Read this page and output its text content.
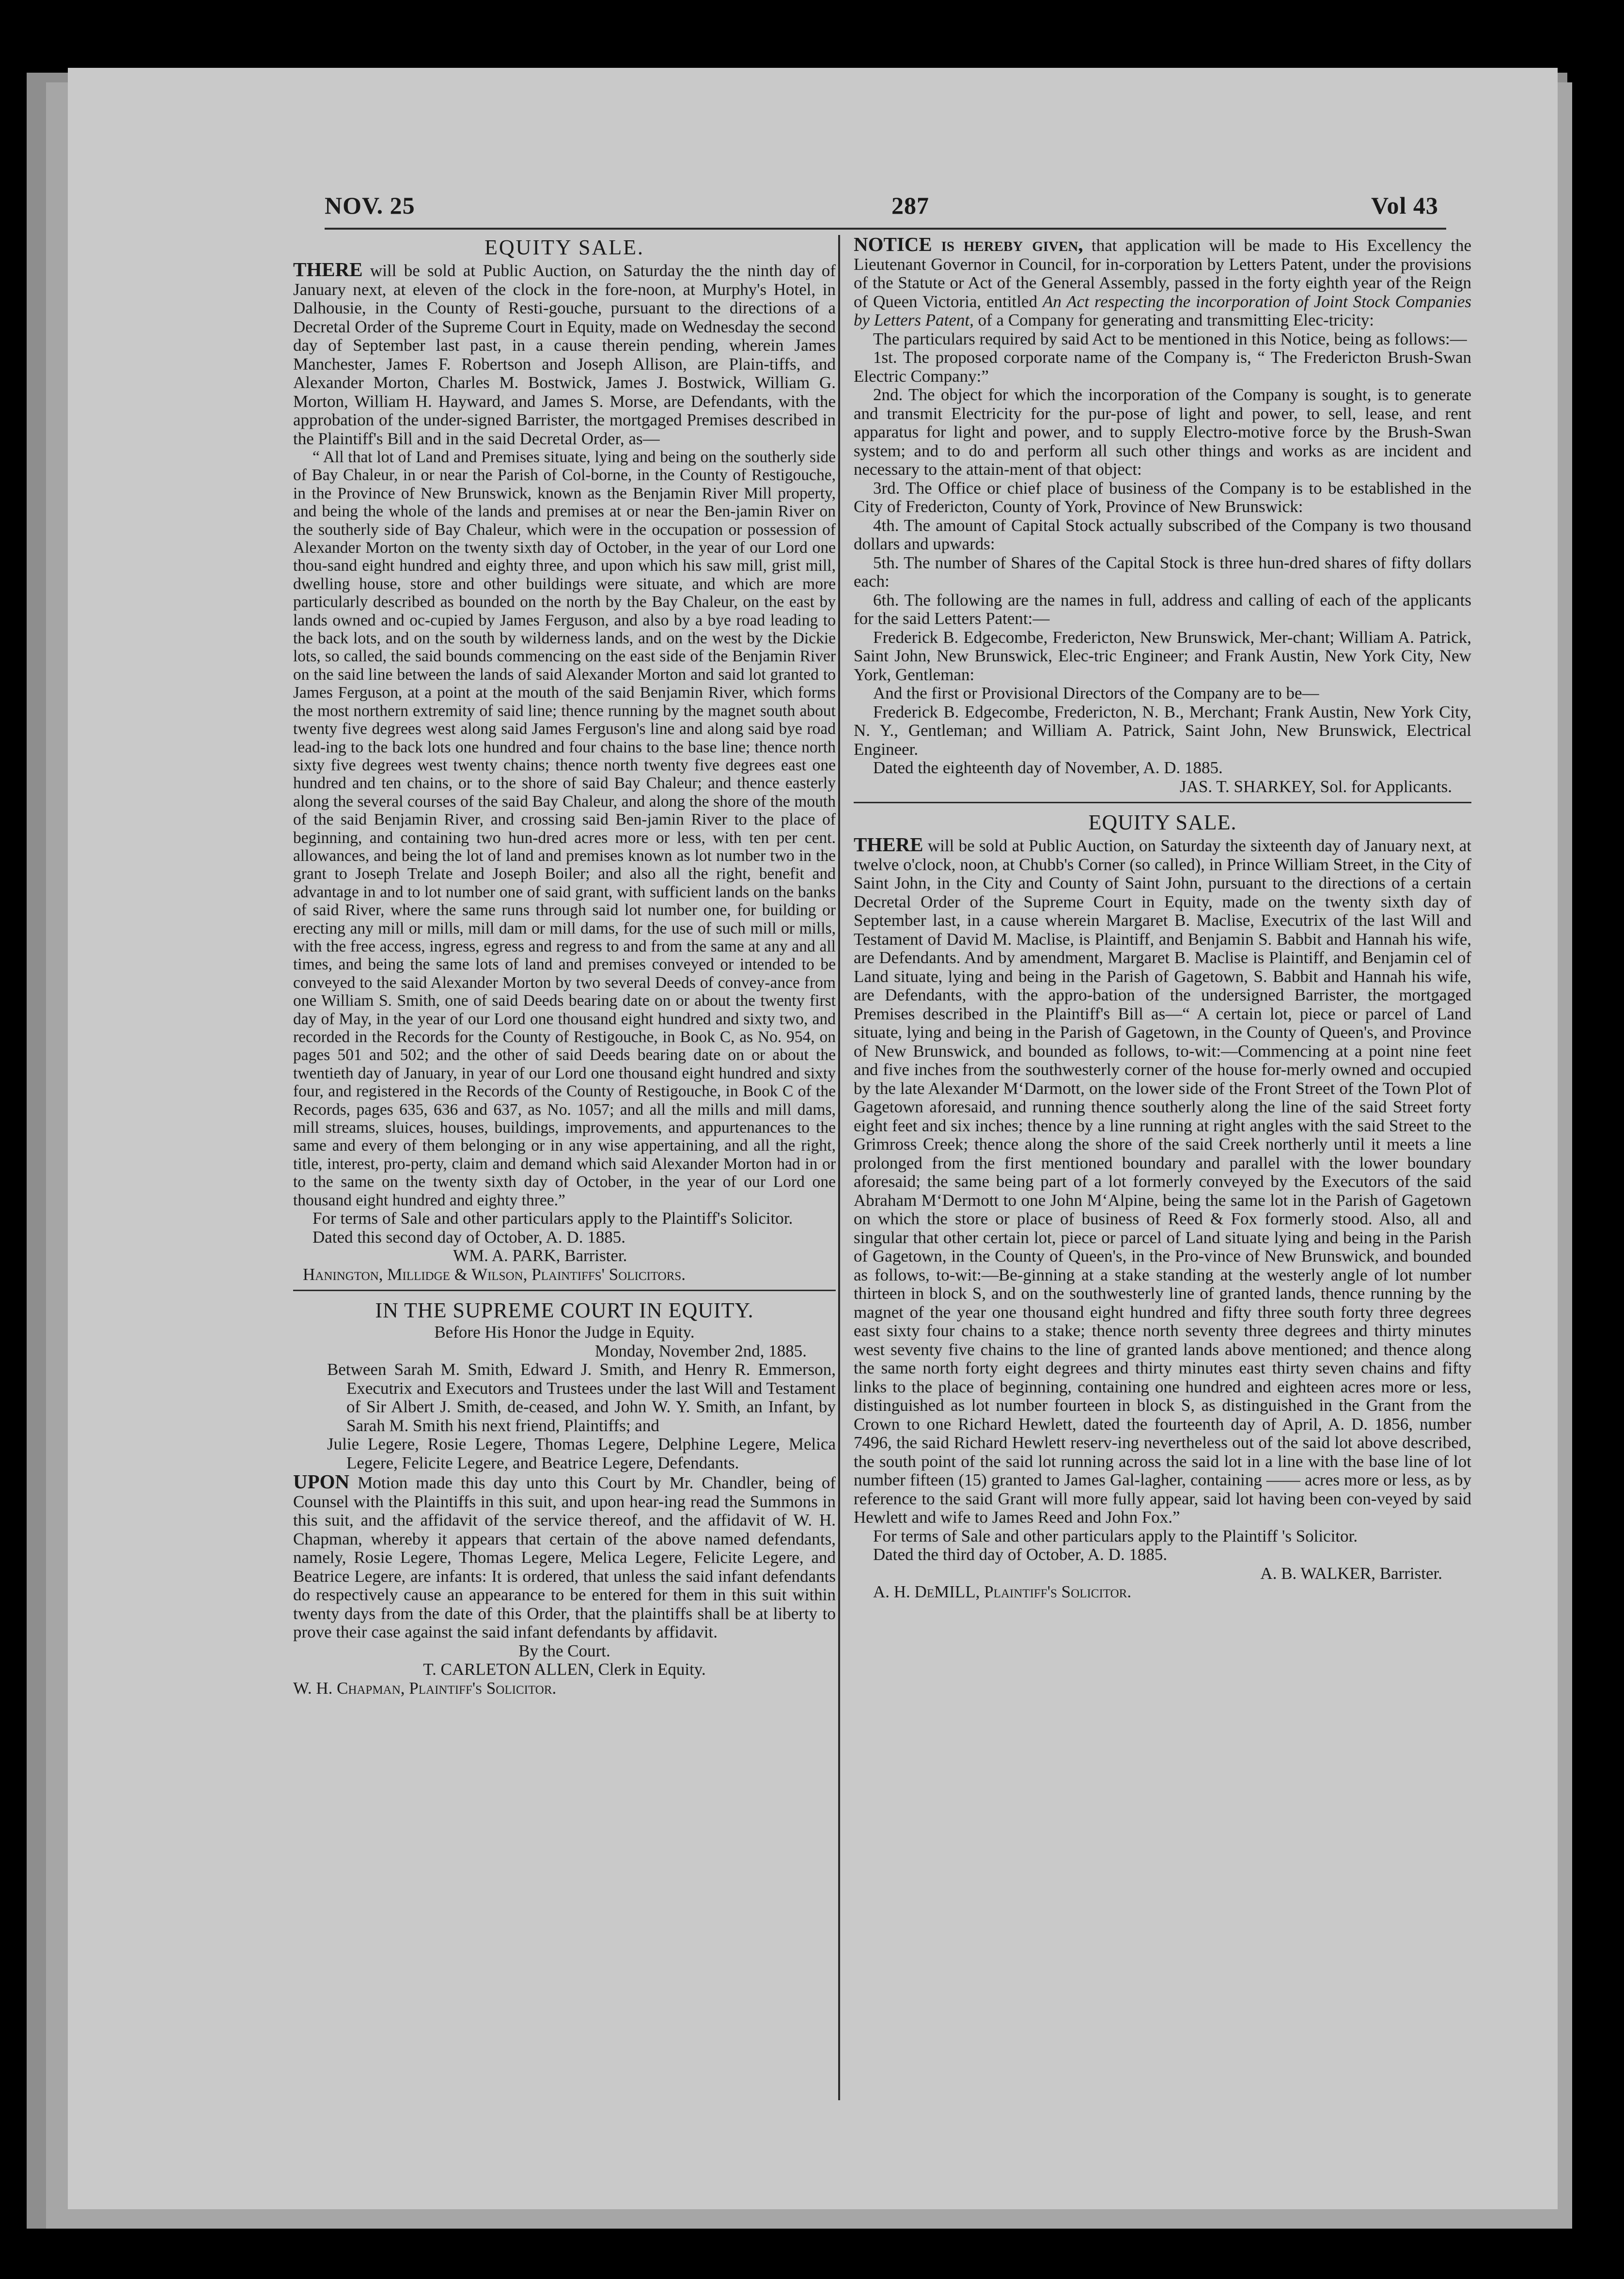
NOV. 25	287	Vol 43
EQUITY SALE.

THERE will be sold at Public Auction, on Saturday the the ninth day of January next, at eleven of the clock in the fore-noon, at Murphy's Hotel, in Dalhousie, in the County of Resti-gouche, pursuant to the directions of a Decretal Order of the Supreme Court in Equity, made on Wednesday the second day of September last past, in a cause therein pending, wherein James Manchester, James F. Robertson and Joseph Allison, are Plain-tiffs, and Alexander Morton, Charles M. Bostwick, James J. Bostwick, William G. Morton, William H. Hayward, and James S. Morse, are Defendants, with the approbation of the under-signed Barrister, the mortgaged Premises described in the Plaintiff's Bill and in the said Decretal Order, as—

“ All that lot of Land and Premises situate, lying and being on the southerly side of Bay Chaleur, in or near the Parish of Col-borne, in the County of Restigouche, in the Province of New Brunswick, known as the Benjamin River Mill property, and being the whole of the lands and premises at or near the Ben-jamin River on the southerly side of Bay Chaleur, which were in the occupation or possession of Alexander Morton on the twenty sixth day of October, in the year of our Lord one thou-sand eight hundred and eighty three, and upon which his saw mill, grist mill, dwelling house, store and other buildings were situate, and which are more particularly described as bounded on the north by the Bay Chaleur, on the east by lands owned and oc-cupied by James Ferguson, and also by a bye road leading to the back lots, and on the south by wilderness lands, and on the west by the Dickie lots, so called, the said bounds commencing on the east side of the Benjamin River on the said line between the lands of said Alexander Morton and said lot granted to James Ferguson, at a point at the mouth of the said Benjamin River, which forms the most northern extremity of said line; thence running by the magnet south about twenty five degrees west along said James Ferguson's line and along said bye road lead-ing to the back lots one hundred and four chains to the base line; thence north sixty five degrees west twenty chains; thence north twenty five degrees east one hundred and ten chains, or to the shore of said Bay Chaleur; and thence easterly along the several courses of the said Bay Chaleur, and along the shore of the mouth of the said Benjamin River, and crossing said Ben-jamin River to the place of beginning, and containing two hun-dred acres more or less, with ten per cent. allowances, and being the lot of land and premises known as lot number two in the grant to Joseph Trelate and Joseph Boiler; and also all the right, benefit and advantage in and to lot number one of said grant, with sufficient lands on the banks of said River, where the same runs through said lot number one, for building or erecting any mill or mills, mill dam or mill dams, for the use of such mill or mills, with the free access, ingress, egress and regress to and from the same at any and all times, and being the same lots of land and premises conveyed or intended to be conveyed to the said Alexander Morton by two several Deeds of convey-ance from one William S. Smith, one of said Deeds bearing date on or about the twenty first day of May, in the year of our Lord one thousand eight hundred and sixty two, and recorded in the Records for the County of Restigouche, in Book C, as No. 954, on pages 501 and 502; and the other of said Deeds bearing date on or about the twentieth day of January, in year of our Lord one thousand eight hundred and sixty four, and registered in the Records of the County of Restigouche, in Book C of the Records, pages 635, 636 and 637, as No. 1057; and all the mills and mill dams, mill streams, sluices, houses, buildings, improvements, and appurtenances to the same and every of them belonging or in any wise appertaining, and all the right, title, interest, pro-perty, claim and demand which said Alexander Morton had in or to the same on the twenty sixth day of October, in the year of our Lord one thousand eight hundred and eighty three.”

For terms of Sale and other particulars apply to the Plaintiff's Solicitor.

Dated this second day of October, A. D. 1885.

WM. A. PARK, Barrister.

Hanington, Millidge & Wilson, Plaintiffs' Solicitors.

IN THE SUPREME COURT IN EQUITY.

Before His Honor the Judge in Equity.

Monday, November 2nd, 1885.

Between Sarah M. Smith, Edward J. Smith, and Henry R. Emmerson, Executrix and Executors and Trustees under the last Will and Testament of Sir Albert J. Smith, de-ceased, and John W. Y. Smith, an Infant, by Sarah M. Smith his next friend, Plaintiffs; and

Julie Legere, Rosie Legere, Thomas Legere, Delphine Legere, Melica Legere, Felicite Legere, and Beatrice Legere, Defendants.

UPON Motion made this day unto this Court by Mr. Chandler, being of Counsel with the Plaintiffs in this suit, and upon hear-ing read the Summons in this suit, and the affidavit of the service thereof, and the affidavit of W. H. Chapman, whereby it appears that certain of the above named defendants, namely, Rosie Legere, Thomas Legere, Melica Legere, Felicite Legere, and Beatrice Legere, are infants: It is ordered, that unless the said infant defendants do respectively cause an appearance to be entered for them in this suit within twenty days from the date of this Order, that the plaintiffs shall be at liberty to prove their case against the said infant defendants by affidavit.

By the Court.

T. CARLETON ALLEN, Clerk in Equity.

W. H. Chapman, Plaintiff's Solicitor.

NOTICE is hereby given, that application will be made to His Excellency the Lieutenant Governor in Council, for in-corporation by Letters Patent, under the provisions of the Statute or Act of the General Assembly, passed in the forty eighth year of the Reign of Queen Victoria, entitled An Act respecting the incorporation of Joint Stock Companies by Letters Patent, of a Company for generating and transmitting Elec-tricity:

The particulars required by said Act to be mentioned in this Notice, being as follows:—

1st. The proposed corporate name of the Company is, “ The Fredericton Brush-Swan Electric Company:”

2nd. The object for which the incorporation of the Company is sought, is to generate and transmit Electricity for the pur-pose of light and power, to sell, lease, and rent apparatus for light and power, and to supply Electro-motive force by the Brush-Swan system; and to do and perform all such other things and works as are incident and necessary to the attain-ment of that object:

3rd. The Office or chief place of business of the Company is to be established in the City of Fredericton, County of York, Province of New Brunswick:

4th. The amount of Capital Stock actually subscribed of the Company is two thousand dollars and upwards:

5th. The number of Shares of the Capital Stock is three hun-dred shares of fifty dollars each:

6th. The following are the names in full, address and calling of each of the applicants for the said Letters Patent:—

Frederick B. Edgecombe, Fredericton, New Brunswick, Mer-chant; William A. Patrick, Saint John, New Brunswick, Elec-tric Engineer; and Frank Austin, New York City, New York, Gentleman:

And the first or Provisional Directors of the Company are to be—

Frederick B. Edgecombe, Fredericton, N. B., Merchant; Frank Austin, New York City, N. Y., Gentleman; and William A. Patrick, Saint John, New Brunswick, Electrical Engineer.

Dated the eighteenth day of November, A. D. 1885.

JAS. T. SHARKEY, Sol. for Applicants.

EQUITY SALE.

THERE will be sold at Public Auction, on Saturday the sixteenth day of January next, at twelve o'clock, noon, at Chubb's Corner (so called), in Prince William Street, in the City of Saint John, in the City and County of Saint John, pursuant to the directions of a certain Decretal Order of the Supreme Court in Equity, made on the twenty sixth day of September last, in a cause wherein Margaret B. Maclise, Executrix of the last Will and Testament of David M. Maclise, is Plaintiff, and Benjamin S. Babbit and Hannah his wife, are Defendants. And by amendment, Margaret B. Maclise is Plaintiff, and Benjamin cel of Land situate, lying and being in the Parish of Gagetown, S. Babbit and Hannah his wife, are Defendants, with the appro-bation of the undersigned Barrister, the mortgaged Premises described in the Plaintiff's Bill as—“ A certain lot, piece or parcel of Land situate, lying and being in the Parish of Gagetown, in the County of Queen's, and Province of New Brunswick, and bounded as follows, to-wit:—Commencing at a point nine feet and five inches from the southwesterly corner of the house for-merly owned and occupied by the late Alexander M‘Darmott, on the lower side of the Front Street of the Town Plot of Gagetown aforesaid, and running thence southerly along the line of the said Street forty eight feet and six inches; thence by a line running at right angles with the said Street to the Grimross Creek; thence along the shore of the said Creek northerly until it meets a line prolonged from the first mentioned boundary and parallel with the lower boundary aforesaid; the same being part of a lot formerly conveyed by the Executors of the said Abraham M‘Dermott to one John M‘Alpine, being the same lot in the Parish of Gagetown on which the store or place of business of Reed & Fox formerly stood. Also, all and singular that other certain lot, piece or parcel of Land situate lying and being in the Parish of Gagetown, in the County of Queen's, in the Pro-vince of New Brunswick, and bounded as follows, to-wit:—Be-ginning at a stake standing at the westerly angle of lot number thirteen in block S, and on the southwesterly line of granted lands, thence running by the magnet of the year one thousand eight hundred and fifty three south forty three degrees east sixty four chains to a stake; thence north seventy three degrees and thirty minutes west seventy five chains to the line of granted lands above mentioned; and thence along the same north forty eight degrees and thirty minutes east thirty seven chains and fifty links to the place of beginning, containing one hundred and eighteen acres more or less, distinguished as lot number fourteen in block S, as distinguished in the Grant from the Crown to one Richard Hewlett, dated the fourteenth day of April, A. D. 1856, number 7496, the said Richard Hewlett reserv-ing nevertheless out of the said lot above described, the south point of the said lot running across the said lot in a line with the base line of lot number fifteen (15) granted to James Gal-lagher, containing —— acres more or less, as by reference to the said Grant will more fully appear, said lot having been con-veyed by said Hewlett and wife to James Reed and John Fox.”

For terms of Sale and other particulars apply to the Plaintiff 's Solicitor.

Dated the third day of October, A. D. 1885.

A. B. WALKER, Barrister.

A. H. DeMILL, Plaintiff's Solicitor.
